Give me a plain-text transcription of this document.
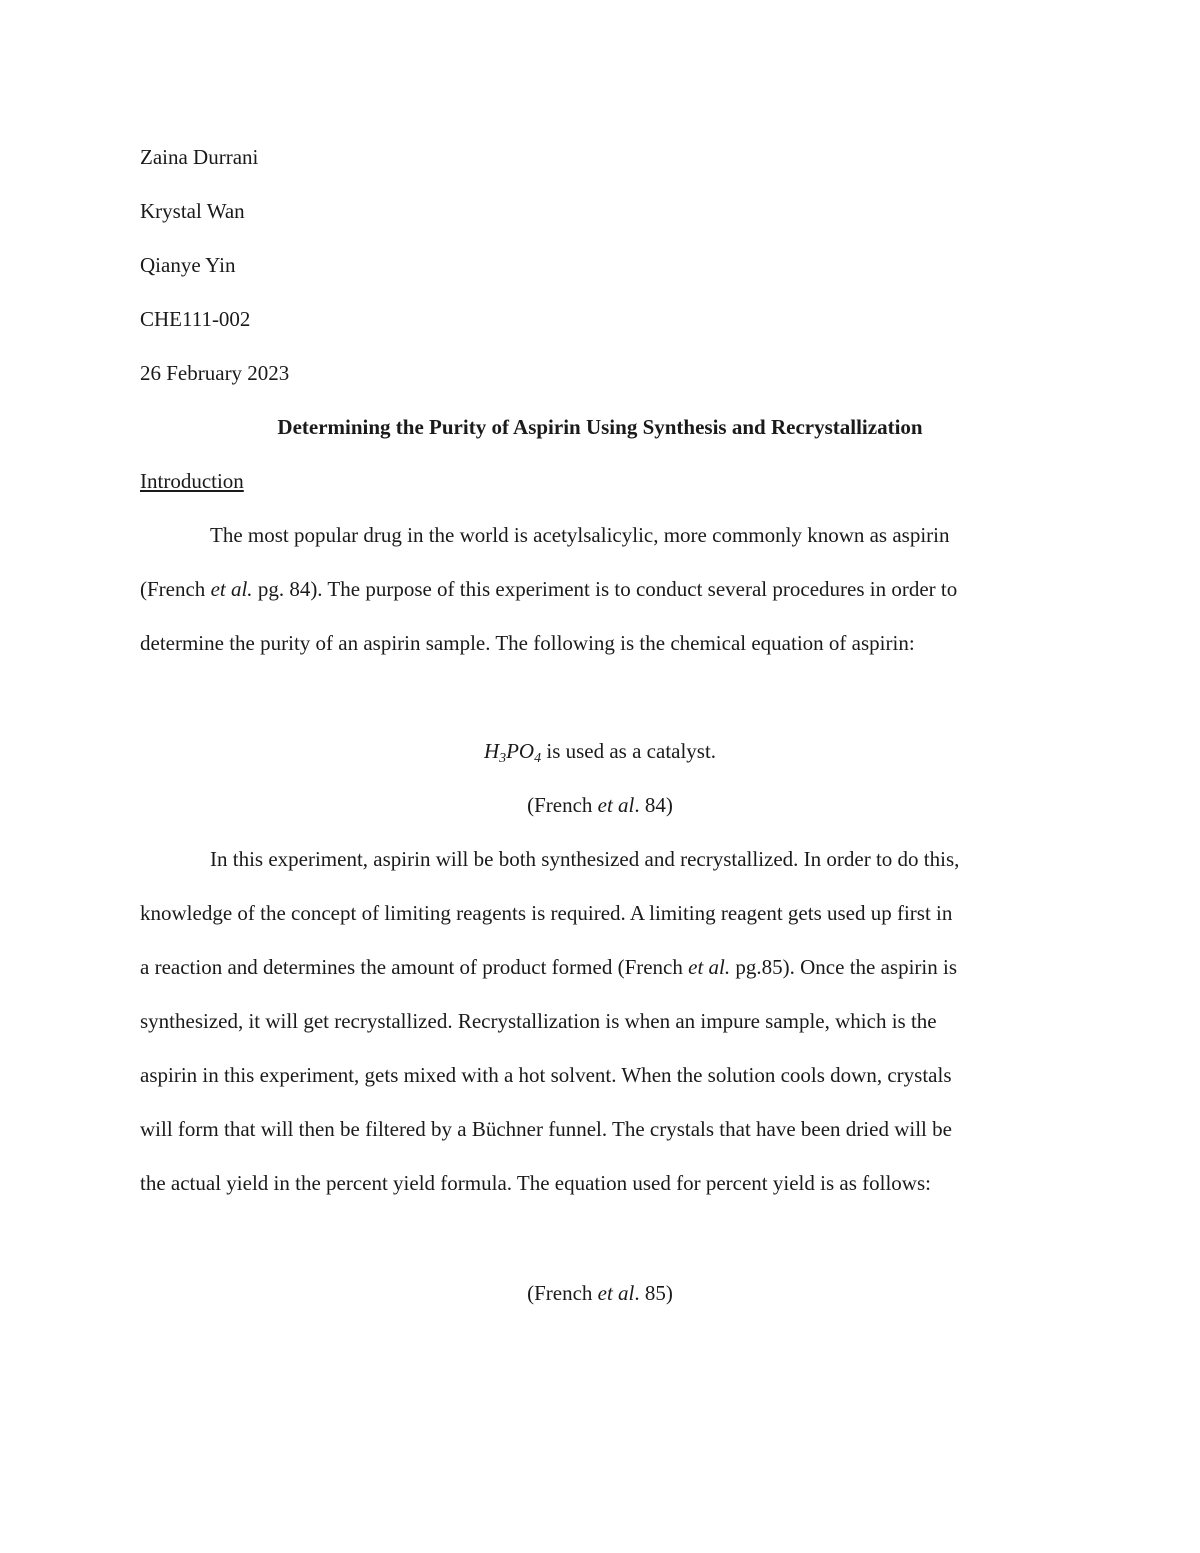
Zaina Durrani
Krystal Wan
Qianye Yin
CHE111-002
26 February 2023
Determining the Purity of Aspirin Using Synthesis and Recrystallization
Introduction
The most popular drug in the world is acetylsalicylic, more commonly known as aspirin
(French et al. pg. 84). The purpose of this experiment is to conduct several procedures in order to
determine the purity of an aspirin sample. The following is the chemical equation of aspirin:
$H_3PO_4$ is used as a catalyst.
(French et al. 84)
In this experiment, aspirin will be both synthesized and recrystallized. In order to do this,
knowledge of the concept of limiting reagents is required. A limiting reagent gets used up first in
a reaction and determines the amount of product formed (French et al. pg.85). Once the aspirin is
synthesized, it will get recrystallized. Recrystallization is when an impure sample, which is the
aspirin in this experiment, gets mixed with a hot solvent. When the solution cools down, crystals
will form that will then be filtered by a Büchner funnel. The crystals that have been dried will be
the actual yield in the percent yield formula. The equation used for percent yield is as follows:
(French et al. 85)
